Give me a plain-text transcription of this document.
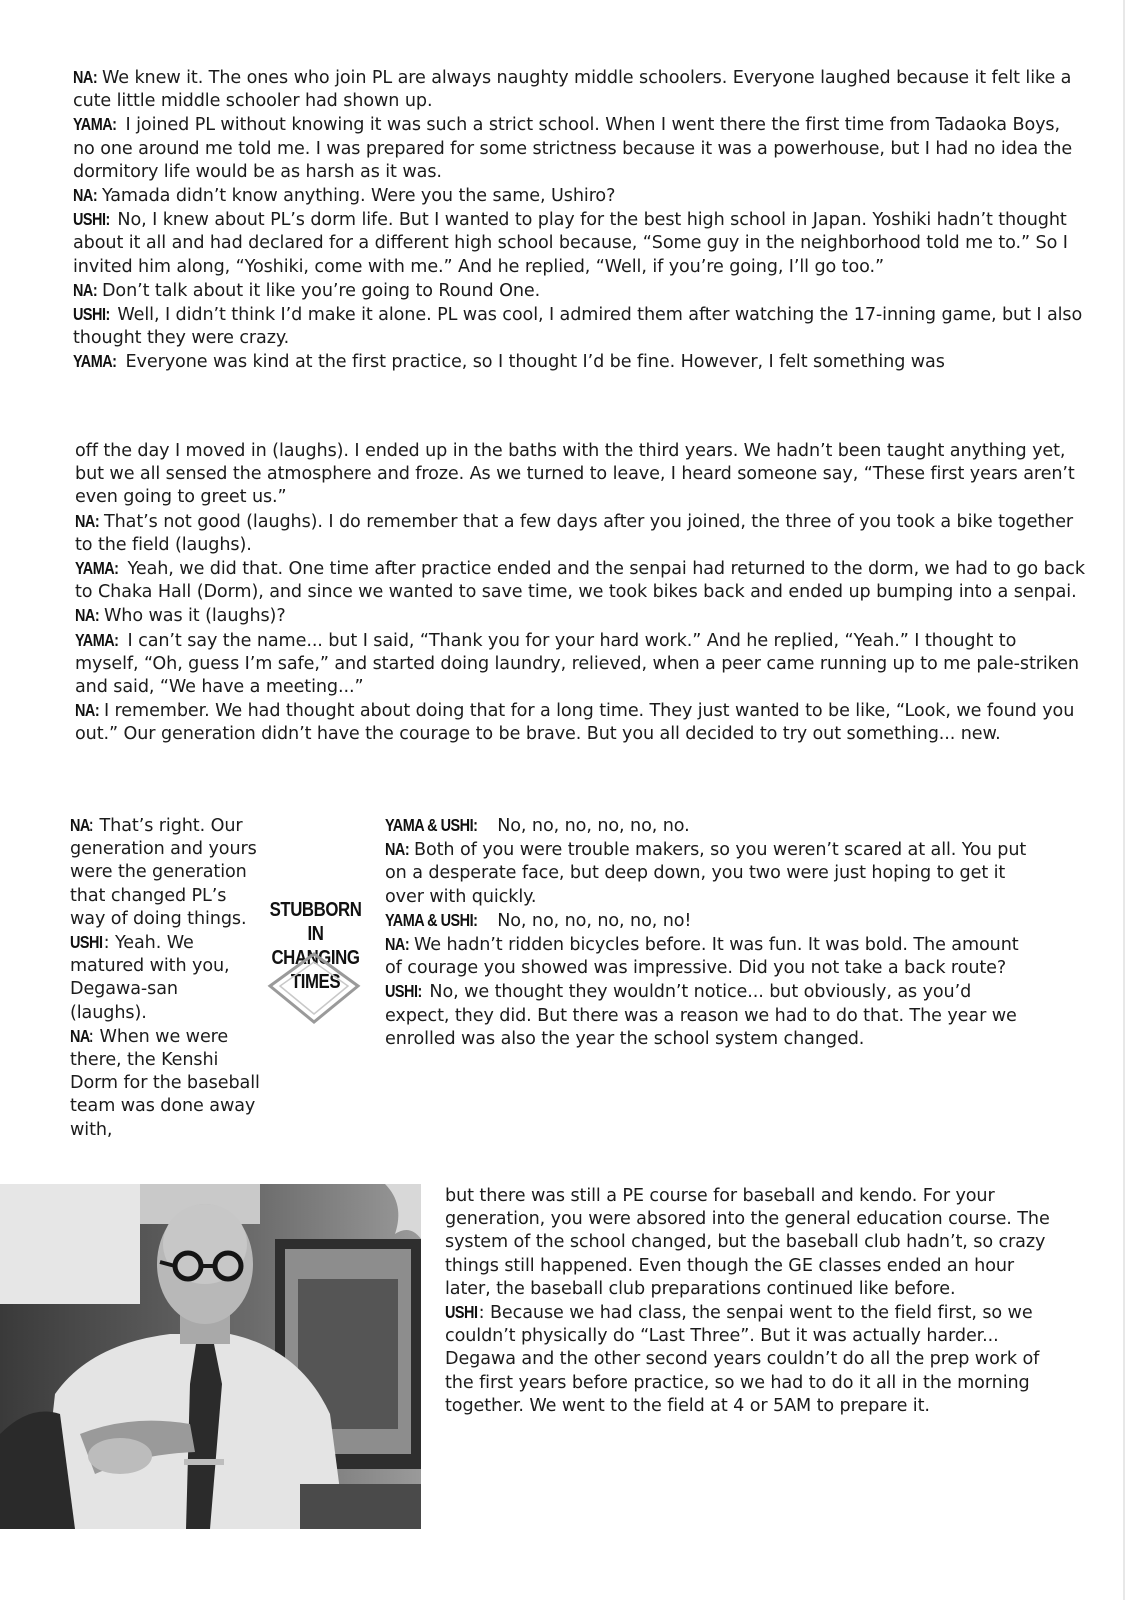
NA: We knew it. The ones who join PL are always naughty middle schoolers. Everyone laughed because it felt like a cute little middle schooler had shown up.

YAMA: I joined PL without knowing it was such a strict school. When I went there the first time from Tadaoka Boys, no one around me told me. I was prepared for some strictness because it was a powerhouse, but I had no idea the dormitory life would be as harsh as it was.

NA: Yamada didn’t know anything. Were you the same, Ushiro?

USHI: No, I knew about PL’s dorm life. But I wanted to play for the best high school in Japan. Yoshiki hadn’t thought about it all and had declared for a different high school because, “Some guy in the neighborhood told me to.” So I invited him along, “Yoshiki, come with me.” And he replied, “Well, if you’re going, I’ll go too.”

NA: Don’t talk about it like you’re going to Round One.

USHI: Well, I didn’t think I’d make it alone. PL was cool, I admired them after watching the 17-inning game, but I also thought they were crazy.

YAMA: Everyone was kind at the first practice, so I thought I’d be fine. However, I felt something was

off the day I moved in (laughs). I ended up in the baths with the third years. We hadn’t been taught anything yet, but we all sensed the atmosphere and froze. As we turned to leave, I heard someone say, “These first years aren’t even going to greet us.”

NA: That’s not good (laughs). I do remember that a few days after you joined, the three of you took a bike together to the field (laughs).

YAMA: Yeah, we did that. One time after practice ended and the senpai had returned to the dorm, we had to go back to Chaka Hall (Dorm), and since we wanted to save time, we took bikes back and ended up bumping into a senpai.

NA: Who was it (laughs)?

YAMA: I can’t say the name... but I said, “Thank you for your hard work.” And he replied, “Yeah.” I thought to myself, “Oh, guess I’m safe,” and started doing laundry, relieved, when a peer came running up to me pale-striken and said, “We have a meeting...”

NA: I remember. We had thought about doing that for a long time. They just wanted to be like, “Look, we found you out.” Our generation didn’t have the courage to be brave. But you all decided to try out something... new.

NA: That’s right. Our generation and yours were the generation that changed PL’s way of doing things.

USHI: Yeah. We matured with you, Degawa-san (laughs).

NA: When we were there, the Kenshi Dorm for the baseball team was done away with,

YAMA & USHI: No, no, no, no, no, no.

NA: Both of you were trouble makers, so you weren’t scared at all. You put on a desperate face, but deep down, you two were just hoping to get it over with quickly.

YAMA & USHI: No, no, no, no, no, no!

NA: We hadn’t ridden bicycles before. It was fun. It was bold. The amount of courage you showed was impressive. Did you not take a back route?

USHI: No, we thought they wouldn’t notice... but obviously, as you’d expect, they did. But there was a reason we had to do that. The year we enrolled was also the year the school system changed.

but there was still a PE course for baseball and kendo. For your generation, you were absored into the general education course. The system of the school changed, but the baseball club hadn’t, so crazy things still happened. Even though the GE classes ended an hour later, the baseball club preparations continued like before.

USHI: Because we had class, the senpai went to the field first, so we couldn’t physically do “Last Three”. But it was actually harder... Degawa and the other second years couldn’t do all the prep work of the first years before practice, so we had to do it all in the morning together. We went to the field at 4 or 5AM to prepare it.

STUBBORN
IN CHANGING
TIMES
